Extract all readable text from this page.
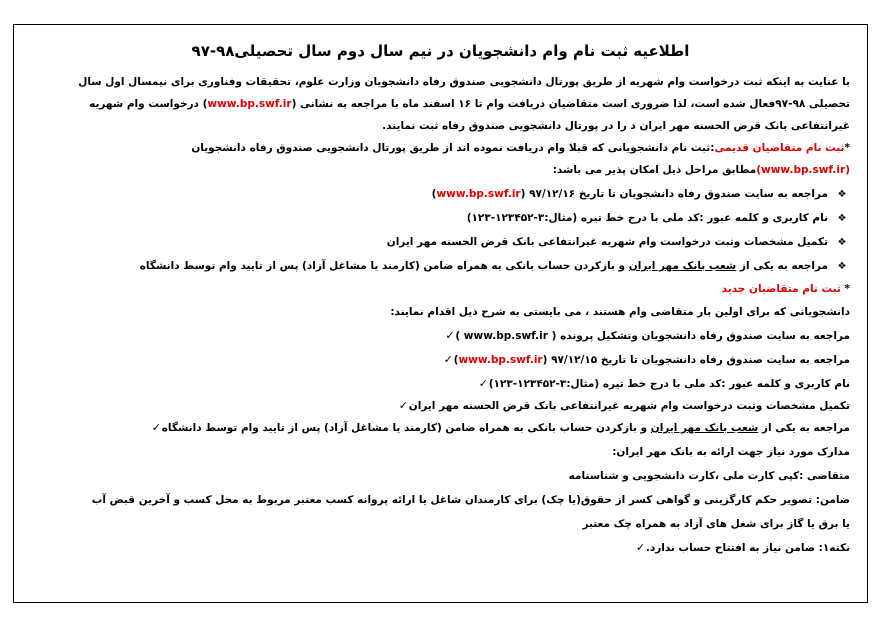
اطلاعیه ثبت نام وام دانشجویان در نیم سال دوم سال تحصیلی۹۸-۹۷
با عنایت به اینکه ثبت درخواست وام شهریه از طریق پورتال دانشجویی صندوق رفاه دانشجویان وزارت علوم، تحقیقات وفناوری برای نیمسال اول سال
تحصیلی ۹۸-۹۷فعال شده است، لذا ضروری است متقاضیان دریافت وام تا ۱۶ اسفند ماه با مراجعه به نشانی (www.bp.swf.ir) درخواست وام شهریه
غیرانتفاعی بانک قرض الحسنه مهر ایران د را در پورتال دانشجویی صندوق رفاه ثبت نمایند.
*ثبت نام متقاضیان قدیمی:ثبت نام دانشجویانی که قبلا وام دریافت نموده اند از طریق پورتال دانشجویی صندوق رفاه دانشجویان
(www.bp.swf.ir)مطابق مراحل ذیل امکان پذیر می باشد:
❖مراجعه به سایت صندوق رفاه دانشجویان تا تاریخ ۹۷/۱۲/۱۶ (www.bp.swf.ir)
❖نام کاربری و کلمه عبور :کد ملی با درج خط تیره (مثال:۳-۱۲۳۴۵۲-۱۲۳)
❖تکمیل مشخصات وثبت درخواست وام شهریه غیرانتفاعی بانک قرض الحسنه مهر ایران
❖مراجعه به یکی از شعب بانک مهر ایران و بازکردن حساب بانکی به همراه ضامن (کارمند یا مشاغل آزاد) پس از تایید وام توسط دانشگاه
* ثبت نام متقاضیان جدید
دانشجویانی که برای اولین بار متقاضی وام هستند ، می بایستی به شرح ذیل اقدام نمایند:
✓ مراجعه به سایت صندوق رفاه دانشجویان وتشکیل پرونده ( www.bp.swf.ir )
✓	مراجعه به سایت صندوق رفاه دانشجویان تا تاریخ ۹۷/۱۲/۱۵ (www.bp.swf.ir)
✓ نام کاربری و کلمه عبور :کد ملی با درج خط تیره (مثال:۳-۱۲۳۴۵۲-۱۲۳)
✓ تکمیل مشخصات وثبت درخواست وام شهریه غیرانتفاعی بانک قرض الحسنه مهر ایران
✓	مراجعه به یکی از شعب بانک مهر ایران و بازکردن حساب بانکی به همراه ضامن (کارمند یا مشاغل آزاد) پس از تایید وام توسط دانشگاه
مدارک مورد نیاز جهت ارائه به بانک مهر ایران:
متقاضی :کپی کارت ملی ،کارت دانشجویی و شناسنامه
ضامن: تصویر حکم کارگزینی و گواهی کسر از حقوق(یا چک) برای کارمندان شاغل یا ارائه پروانه کسب معتبر مربوط به محل کسب و آخرین قبض آب
یا برق یا گاز برای شغل های آزاد به همراه چک معتبر
✓ نکته۱: ضامن نیاز به افتتاح حساب ندارد.
